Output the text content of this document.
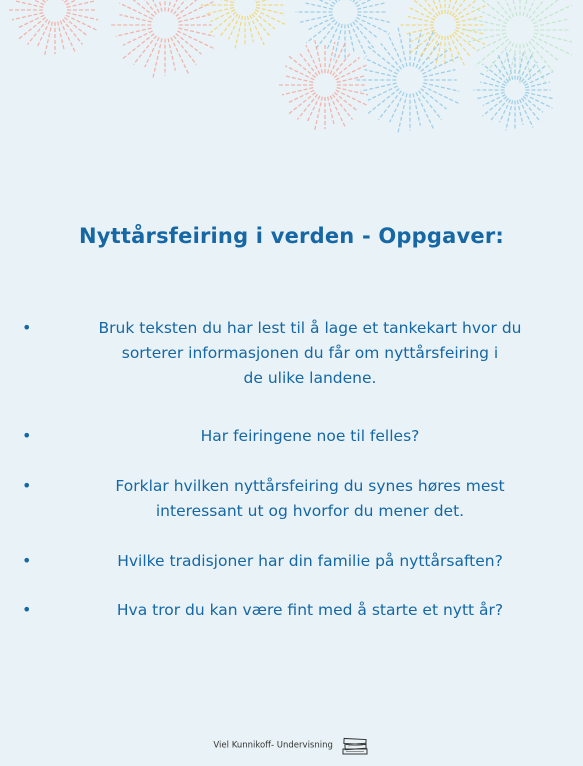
Nyttårsfeiring i verden - Oppgaver:
•	Bruk teksten du har lest til å lage et tankekart hvor du
sorterer informasjonen du får om nyttårsfeiring i
de ulike landene.
•	Har feiringene noe til felles?
•	Forklar hvilken nyttårsfeiring du synes høres mest
interessant ut og hvorfor du mener det.
•	Hvilke tradisjoner har din familie på nyttårsaften?
•	Hva tror du kan være fint med å starte et nytt år?
Viel Kunnikoff- Undervisning
